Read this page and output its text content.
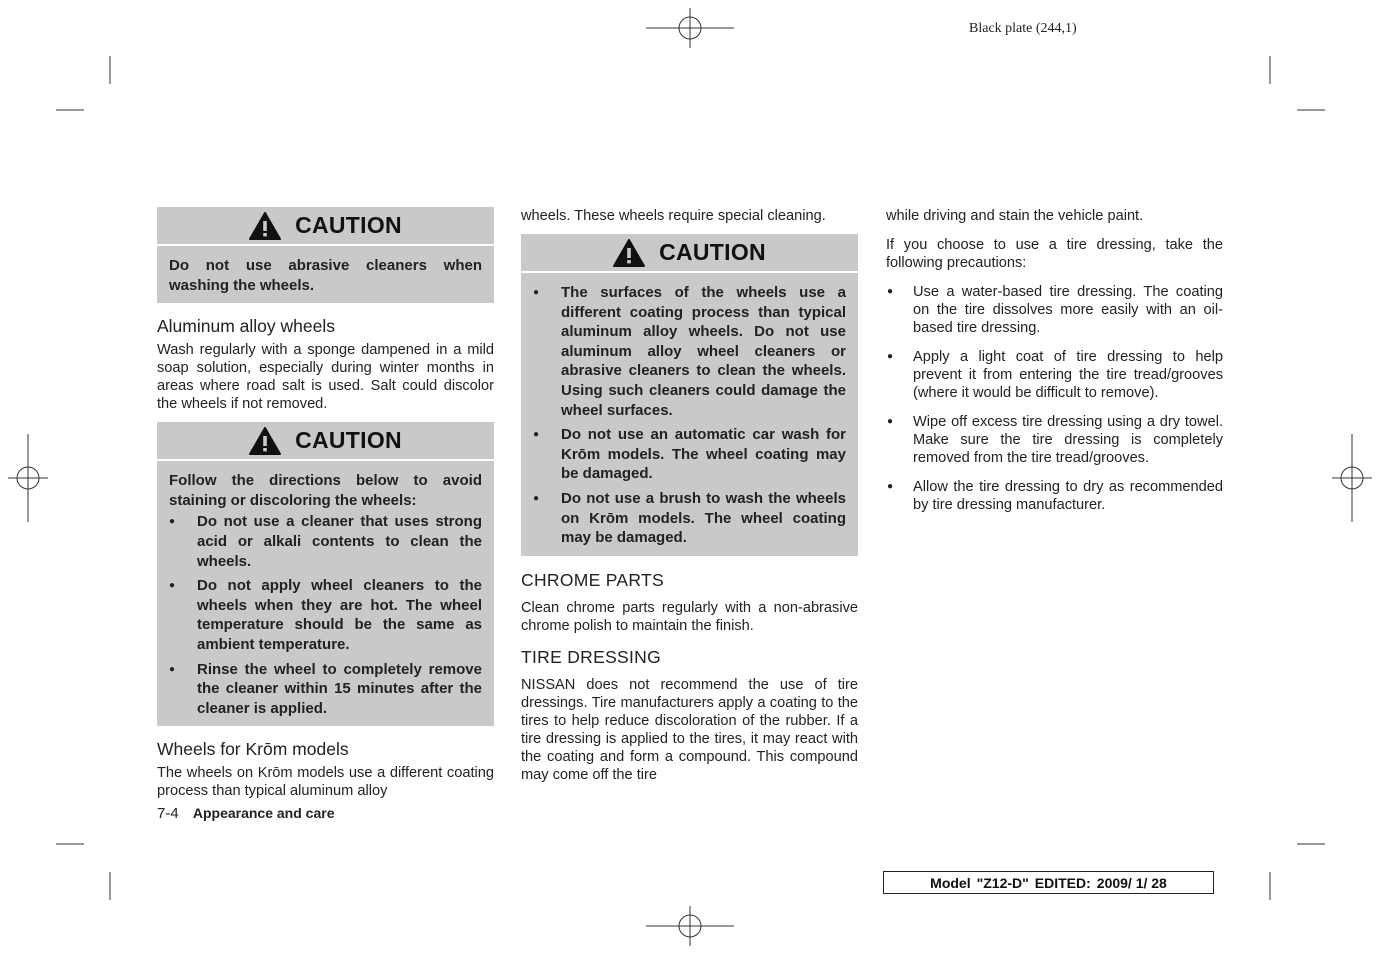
Black plate (244,1)
CAUTION

Do not use abrasive cleaners when washing the wheels.

Aluminum alloy wheels

Wash regularly with a sponge dampened in a mild soap solution, especially during winter months in areas where road salt is used. Salt could discolor the wheels if not removed.

CAUTION

Follow the directions below to avoid staining or discoloring the wheels:

● Do not use a cleaner that uses strong acid or alkali contents to clean the wheels.
● Do not apply wheel cleaners to the wheels when they are hot. The wheel temperature should be the same as ambient temperature.
● Rinse the wheel to completely remove the cleaner within 15 minutes after the cleaner is applied.
Wheels for Krōm models

The wheels on Krōm models use a different coating process than typical aluminum alloy

wheels. These wheels require special cleaning.

CAUTION
● The surfaces of the wheels use a different coating process than typical aluminum alloy wheels. Do not use aluminum alloy wheel cleaners or abrasive cleaners to clean the wheels. Using such cleaners could damage the wheel surfaces.
● Do not use an automatic car wash for Krōm models. The wheel coating may be damaged.
● Do not use a brush to wash the wheels on Krōm models. The wheel coating may be damaged.
CHROME PARTS

Clean chrome parts regularly with a non-abrasive chrome polish to maintain the finish.

TIRE DRESSING

NISSAN does not recommend the use of tire dressings. Tire manufacturers apply a coating to the tires to help reduce discoloration of the rubber. If a tire dressing is applied to the tires, it may react with the coating and form a compound. This compound may come off the tire

while driving and stain the vehicle paint.

If you choose to use a tire dressing, take the following precautions:

● Use a water-based tire dressing. The coating on the tire dissolves more easily with an oil-based tire dressing.
● Apply a light coat of tire dressing to help prevent it from entering the tire tread/grooves (where it would be difficult to remove).
● Wipe off excess tire dressing using a dry towel. Make sure the tire dressing is completely removed from the tire tread/grooves.
● Allow the tire dressing to dry as recommended by tire dressing manufacturer.
7-4 Appearance and care
Model "Z12-D" EDITED: 2009/ 1/ 28
